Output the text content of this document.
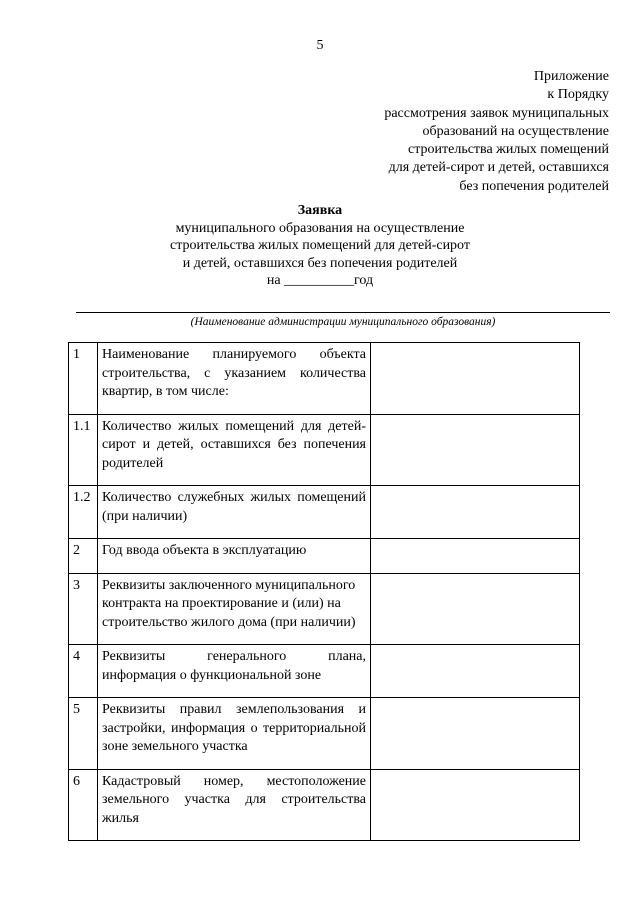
5
Приложение
к Порядку
рассмотрения заявок муниципальных
образований на осуществление
строительства жилых помещений
для детей-сирот и детей, оставшихся
без попечения родителей
Заявка
муниципального образования на осуществление
строительства жилых помещений для детей-сирот
и детей, оставшихся без попечения родителей
на __________год
(Наименование администрации муниципального образования)
1	Наименование планируемого объекта строительства, с указанием количества квартир, в том числе:	
1.1	Количество жилых помещений для детей-сирот и детей, оставшихся без попечения родителей	
1.2	Количество служебных жилых помещений (при наличии)	
2	Год ввода объекта в эксплуатацию	
3	Реквизиты заключенного муниципального контракта на проектирование и (или) на строительство жилого дома (при наличии)	
4	Реквизиты генерального плана, информация о функциональной зоне	
5	Реквизиты правил землепользования и застройки, информация о территориальной зоне земельного участка	
6	Кадастровый номер, местоположение земельного участка для строительства жилья	
